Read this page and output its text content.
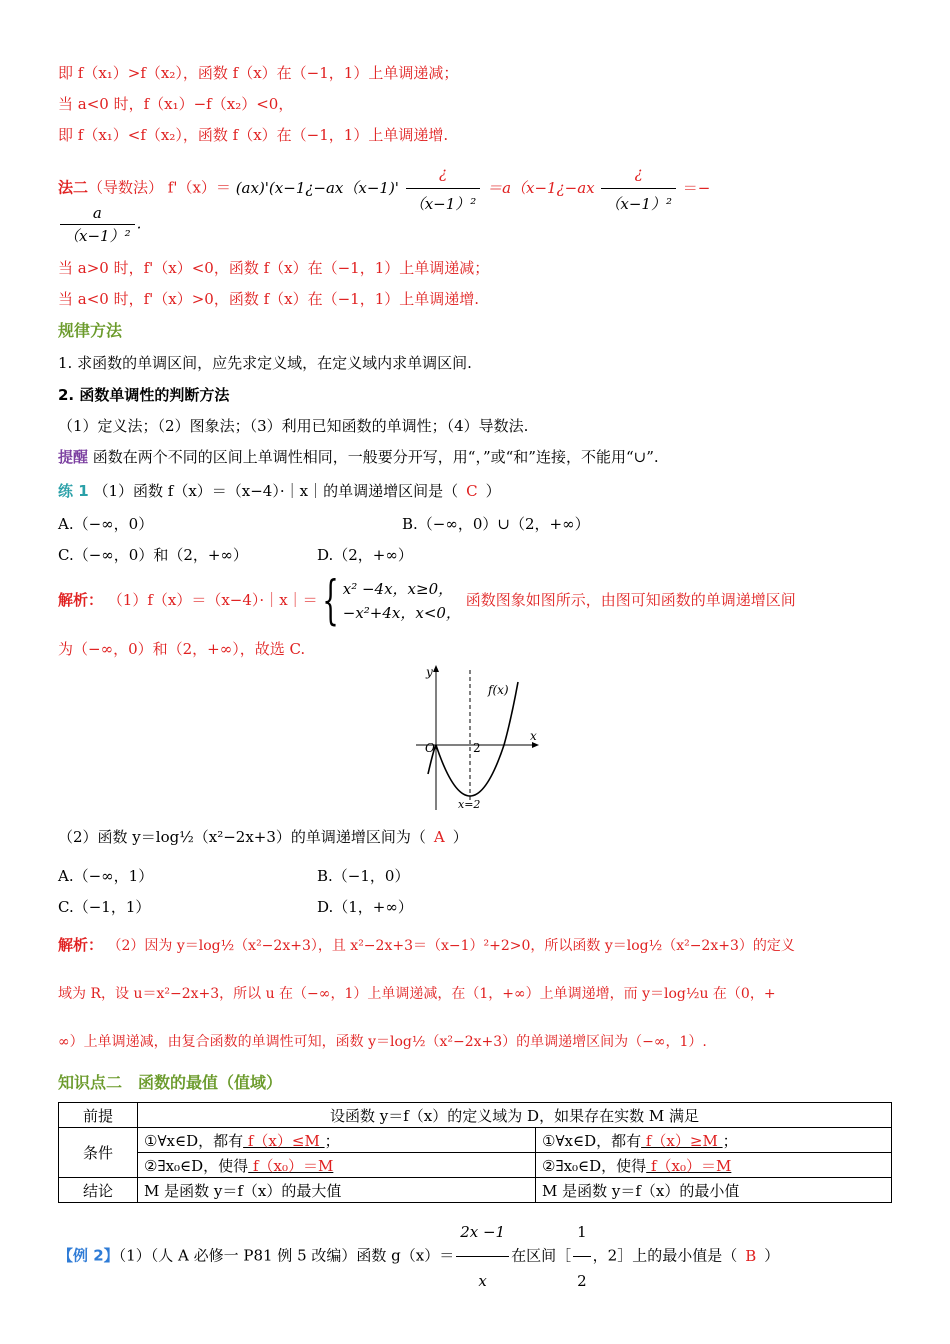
即 f（x₁）>f（x₂），函数 f（x）在（−1，1）上单调递减；
当 a<0 时，f（x₁）−f（x₂）<0，
即 f（x₁）<f（x₂），函数 f（x）在（−1，1）上单调递增.
法二（导数法） f'（x）＝ (ax)'(x−1¿−ax（x−1)' $\frac{¿}{\text{（x−1）²}}$ ＝a（x−1¿−ax $\frac{¿}{\text{（x−1）²}}$ ＝−
$\frac{a}{\text{（x−1）²}}$ .
当 a>0 时，f'（x）<0，函数 f（x）在（−1，1）上单调递减；
当 a<0 时，f'（x）>0，函数 f（x）在（−1，1）上单调递增.
规律方法
1. 求函数的单调区间，应先求定义域，在定义域内求单调区间.
2. 函数单调性的判断方法
（1）定义法；（2）图象法；（3）利用已知函数的单调性；（4）导数法.
提醒 函数在两个不同的区间上单调性相同，一般要分开写，用“，”或“和”连接，不能用“∪”.
练 1 （1）函数 f（x）＝（x−4）·｜x｜的单调递增区间是（ C ）
A.（−∞，0）	B.（−∞，0）∪（2，+∞）
C.（−∞，0）和（2，+∞）	D.（2，+∞）
解析： （1）f（x）＝（x−4）·｜x｜＝{ x² −4x，x≥0，
−x²+4x，x<0，
函数图象如图所示，由图可知函数的单调递增区间
为（−∞，0）和（2，+∞），故选 C.
y
x
O	2
f(x)
x=2
（2）函数 y＝log½（x²−2x+3）的单调递增区间为（ A ）
A.（−∞，1）	B.（−1，0）
C.（−1，1）	D.（1，+∞）
解析： （2）因为 y＝log½（x²−2x+3），且 x²−2x+3＝（x−1）²+2>0，所以函数 y＝log½（x²−2x+3）的定义
域为 R，设 u＝x²−2x+3，所以 u 在（−∞，1）上单调递减，在（1，+∞）上单调递增，而 y＝log½u 在（0，+
∞）上单调递减，由复合函数的单调性可知，函数 y＝log½（x²−2x+3）的单调递增区间为（−∞，1）.
知识点二　函数的最值（值域）
前提	设函数 y＝f（x）的定义域为 D，如果存在实数 M 满足	
条件	①∀x∈D，都有 f（x）≤M ；	①∀x∈D，都有 f（x）≥M ；
	②∃x₀∈D，使得 f（x₀）＝M	②∃x₀∈D，使得 f（x₀）＝M
结论	M 是函数 y＝f（x）的最大值	M 是函数 y＝f（x）的最小值
【例 2】（1）（人 A 必修一 P81 例 5 改编）函数 $g(x)= \frac{2x -1}{x}$ 在区间［ $\frac{1}{2}$ ，2］上的最小值是（ B ）
